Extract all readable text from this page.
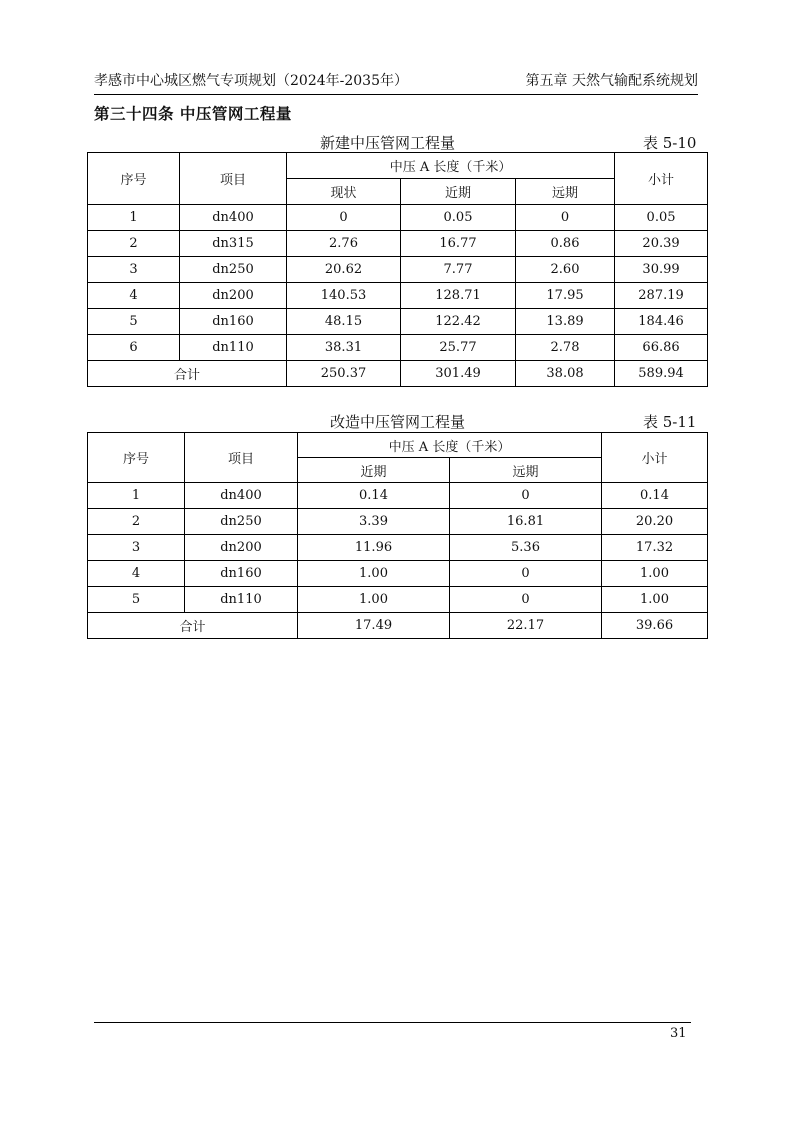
孝感市中心城区燃气专项规划（2024年-2035年）	第五章 天然气输配系统规划
第三十四条 中压管网工程量
新建中压管网工程量	表 5-10
序号	项目	中压 A 长度（千米）			小计
		现状	近期	远期	
1	dn400	0	0.05	0	0.05
2	dn315	2.76	16.77	0.86	20.39
3	dn250	20.62	7.77	2.60	30.99
4	dn200	140.53	128.71	17.95	287.19
5	dn160	48.15	122.42	13.89	184.46
6	dn110	38.31	25.77	2.78	66.86
合计		250.37	301.49	38.08	589.94
改造中压管网工程量	表 5-11
序号	项目	中压 A 长度（千米）		小计
		近期	远期	
1	dn400	0.14	0	0.14
2	dn250	3.39	16.81	20.20
3	dn200	11.96	5.36	17.32
4	dn160	1.00	0	1.00
5	dn110	1.00	0	1.00
合计		17.49	22.17	39.66
31
